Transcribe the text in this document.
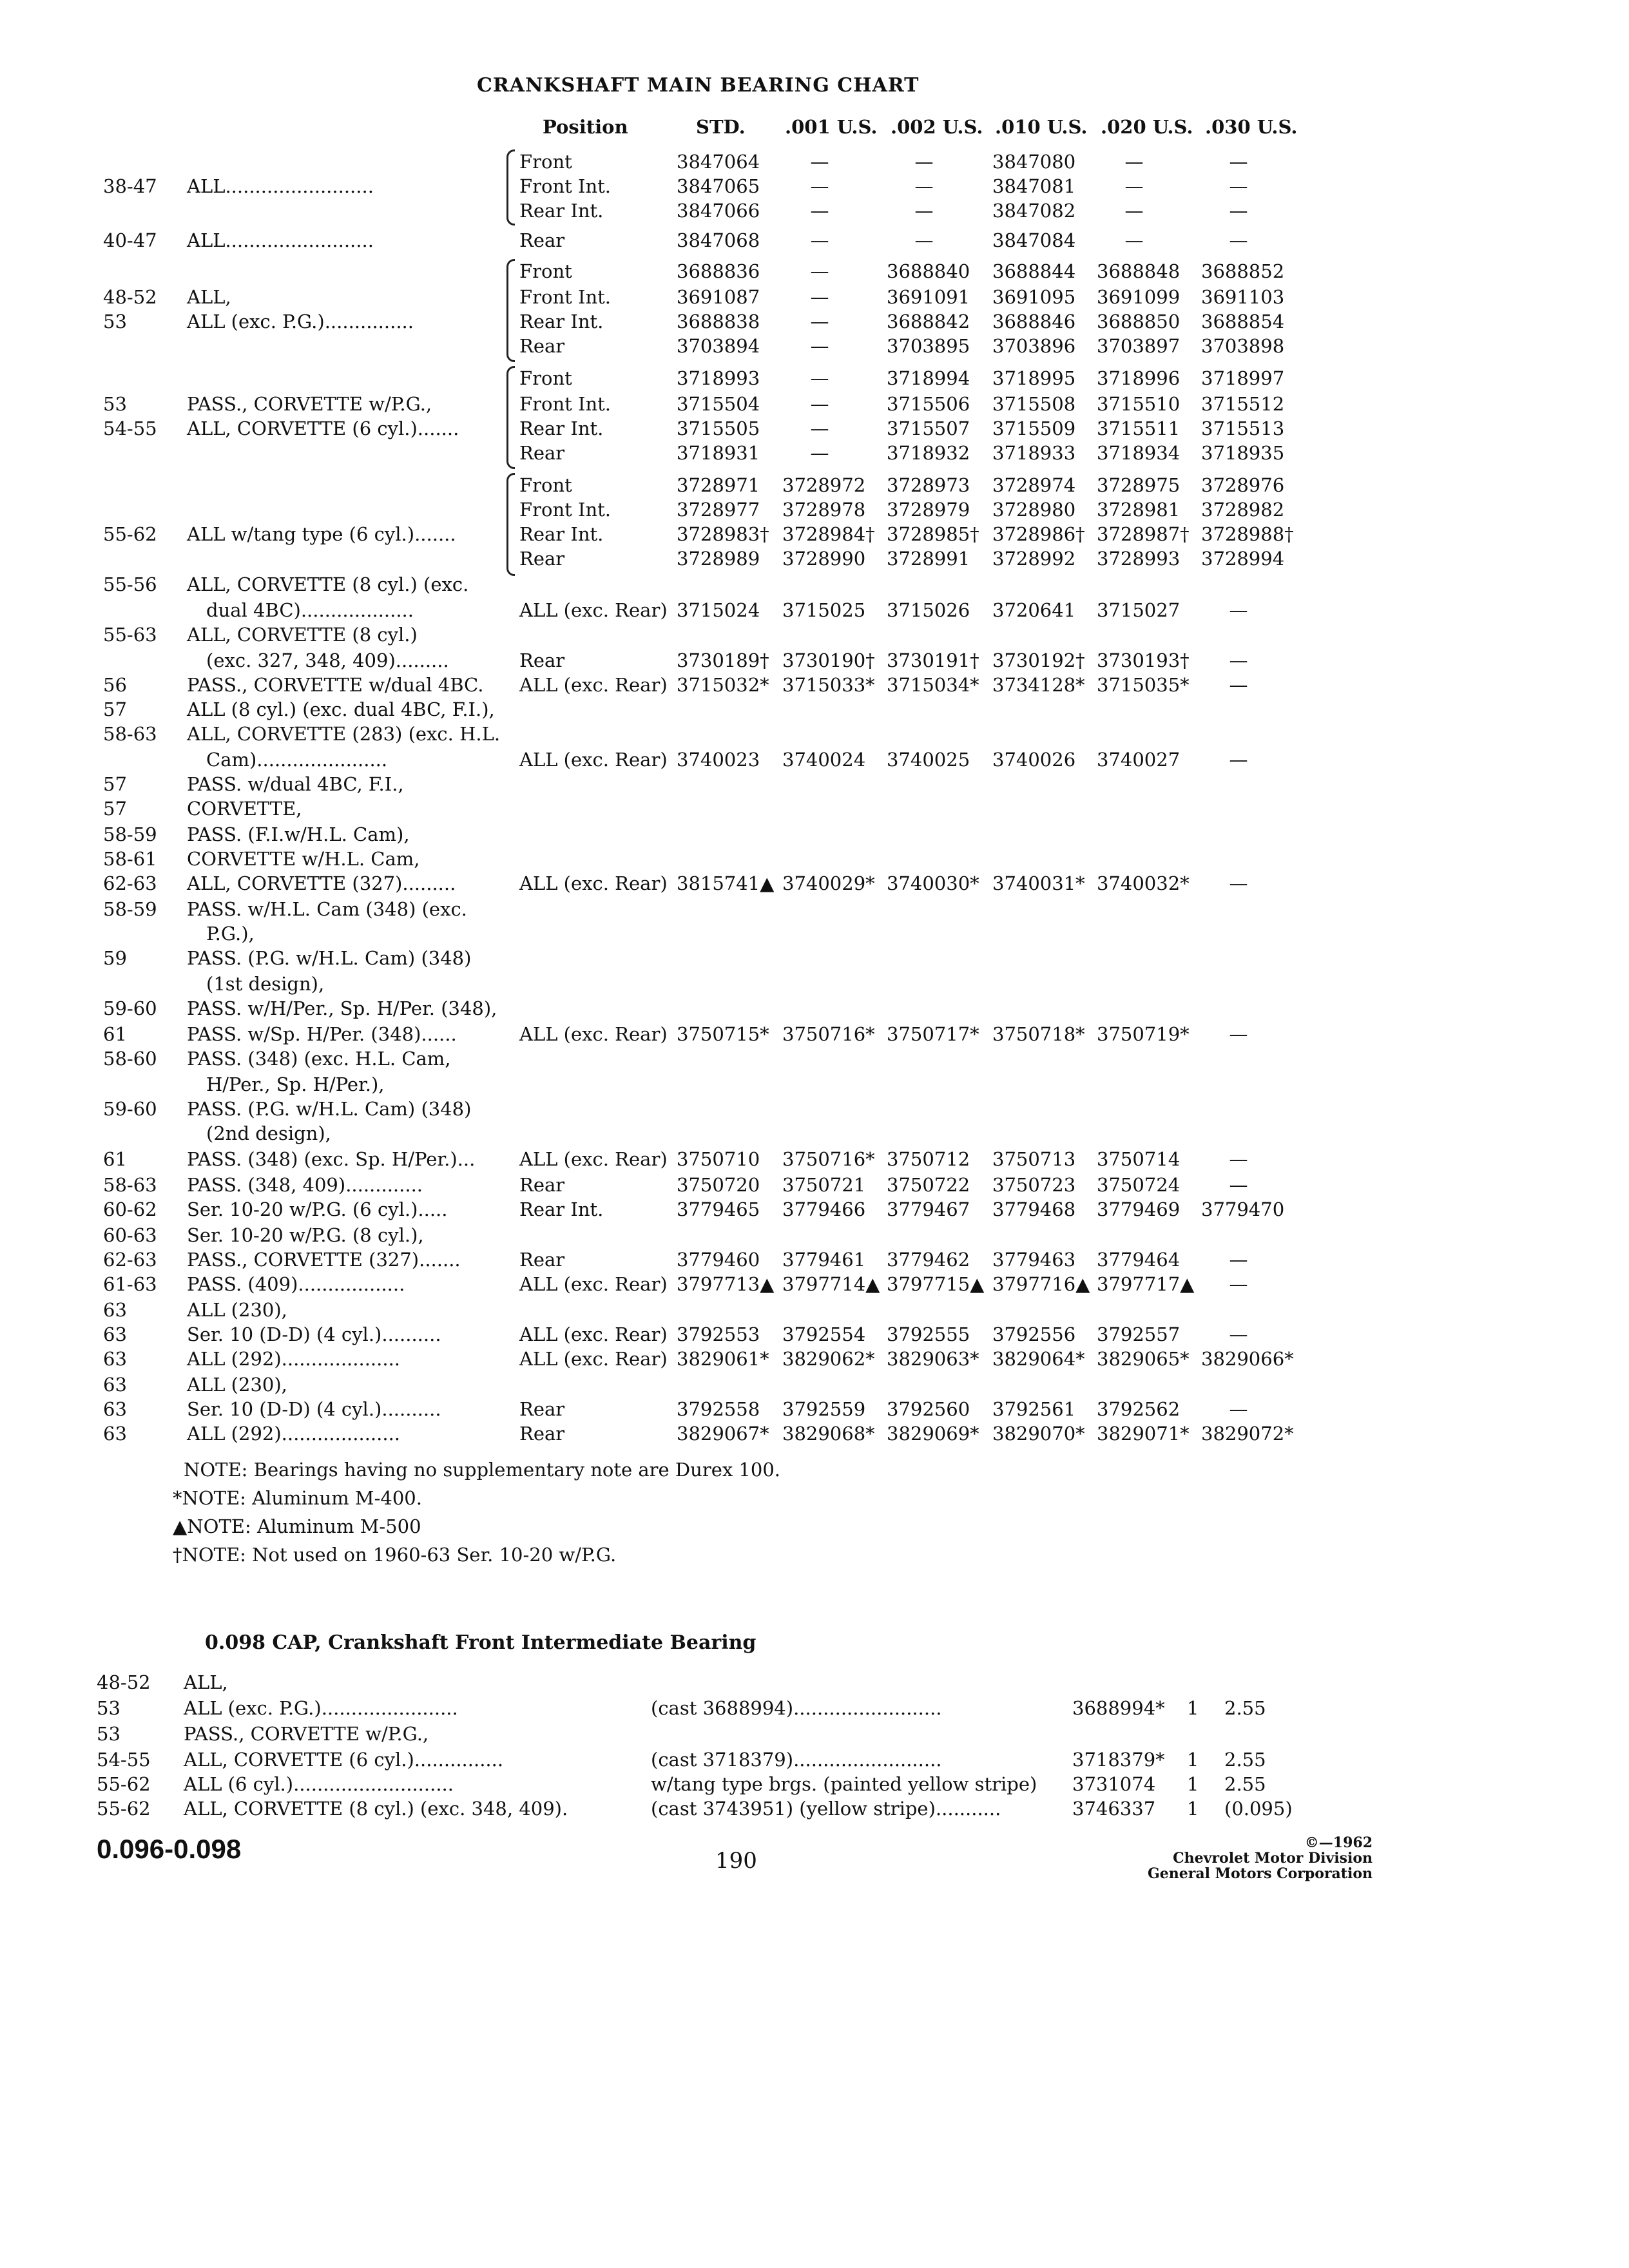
CRANKSHAFT MAIN BEARING CHART
Position	STD. .001 U.S. .002 U.S. .010 U.S. .020 U.S. .030 U.S.
Front	3847064	—	—	3847080	—	—
38-47 ALL.........................	Front Int.	3847065	—	—	3847081	—	—
Rear Int.	3847066	—	—	3847082	—	—
40-47 ALL.........................	Rear	3847068	—	—	3847084	—	—
Front	3688836	—	3688840 3688844 3688848 3688852
48-52 ALL,	Front Int.	3691087	—	3691091 3691095 3691099 3691103
53	ALL (exc. P.G.)...............	Rear Int.	3688838	—	3688842 3688846 3688850 3688854
Rear	3703894	—	3703895 3703896 3703897 3703898
Front	3718993	—	3718994 3718995 3718996 3718997
53	PASS., CORVETTE w/P.G.,	Front Int.	3715504	—	3715506 3715508 3715510 3715512
54-55 ALL, CORVETTE (6 cyl.).......	Rear Int.	3715505	—	3715507 3715509 3715511 3715513
Rear	3718931	—	3718932 3718933 3718934 3718935
Front	3728971 3728972 3728973 3728974 3728975 3728976
Front Int.	3728977 3728978 3728979 3728980 3728981 3728982
55-62 ALL w/tang type (6 cyl.).......	Rear Int.	3728983† 3728984† 3728985† 3728986† 3728987† 3728988†
Rear	3728989 3728990 3728991 3728992 3728993 3728994
55-56 ALL, CORVETTE (8 cyl.) (exc.
dual 4BC)...................	ALL (exc. Rear) 3715024 3715025 3715026 3720641 3715027	—
55-63 ALL, CORVETTE (8 cyl.)
(exc. 327, 348, 409).........	Rear	3730189† 3730190† 3730191† 3730192† 3730193†	—
56	PASS., CORVETTE w/dual 4BC. ALL (exc. Rear) 3715032* 3715033* 3715034* 3734128* 3715035*	—
57	ALL (8 cyl.) (exc. dual 4BC, F.I.),
58-63 ALL, CORVETTE (283) (exc. H.L.
Cam)......................	ALL (exc. Rear) 3740023 3740024 3740025 3740026 3740027	—
57	PASS. w/dual 4BC, F.I.,
57	CORVETTE,
58-59 PASS. (F.I.w/H.L. Cam),
58-61 CORVETTE w/H.L. Cam,
62-63 ALL, CORVETTE (327).........	ALL (exc. Rear) 3815741▲ 3740029* 3740030* 3740031* 3740032*	—
58-59 PASS. w/H.L. Cam (348) (exc.
P.G.),
59	PASS. (P.G. w/H.L. Cam) (348)
(1st design),
59-60 PASS. w/H/Per., Sp. H/Per. (348),
61	PASS. w/Sp. H/Per. (348)......	ALL (exc. Rear) 3750715* 3750716* 3750717* 3750718* 3750719*	—
58-60 PASS. (348) (exc. H.L. Cam,
H/Per., Sp. H/Per.),
59-60 PASS. (P.G. w/H.L. Cam) (348)
(2nd design),
61	PASS. (348) (exc. Sp. H/Per.)... ALL (exc. Rear) 3750710 3750716* 3750712 3750713 3750714	—
58-63 PASS. (348, 409).............	Rear	3750720 3750721 3750722 3750723 3750724	—
60-62 Ser. 10-20 w/P.G. (6 cyl.).....	Rear Int.	3779465 3779466 3779467 3779468 3779469 3779470
60-63 Ser. 10-20 w/P.G. (8 cyl.),
62-63 PASS., CORVETTE (327).......	Rear	3779460 3779461 3779462 3779463 3779464	—
61-63 PASS. (409)..................	ALL (exc. Rear) 3797713▲ 3797714▲ 3797715▲ 3797716▲ 3797717▲	—
63	ALL (230),
63	Ser. 10 (D-D) (4 cyl.)..........	ALL (exc. Rear) 3792553 3792554 3792555 3792556 3792557	—
63	ALL (292)....................	ALL (exc. Rear) 3829061* 3829062* 3829063* 3829064* 3829065* 3829066*
63	ALL (230),
63	Ser. 10 (D-D) (4 cyl.)..........	Rear	3792558 3792559 3792560 3792561 3792562	—
63	ALL (292)....................	Rear	3829067* 3829068* 3829069* 3829070* 3829071* 3829072*
NOTE: Bearings having no supplementary note are Durex 100.
*NOTE: Aluminum M-400.
▲NOTE: Aluminum M-500
†NOTE: Not used on 1960-63 Ser. 10-20 w/P.G.
0.098 CAP, Crankshaft Front Intermediate Bearing
48-52 ALL,
53	ALL (exc. P.G.).......................	(cast 3688994).........................	3688994* 1 2.55
53	PASS., CORVETTE w/P.G.,
54-55 ALL, CORVETTE (6 cyl.)...............	(cast 3718379).........................	3718379* 1 2.55
55-62 ALL (6 cyl.)...........................	w/tang type brgs. (painted yellow stripe) 3731074 1 2.55
55-62 ALL, CORVETTE (8 cyl.) (exc. 348, 409).	(cast 3743951) (yellow stripe)...........	3746337 1 (0.095)
0.096-0.098	190
©—1962
Chevrolet Motor Division
General Motors Corporation
